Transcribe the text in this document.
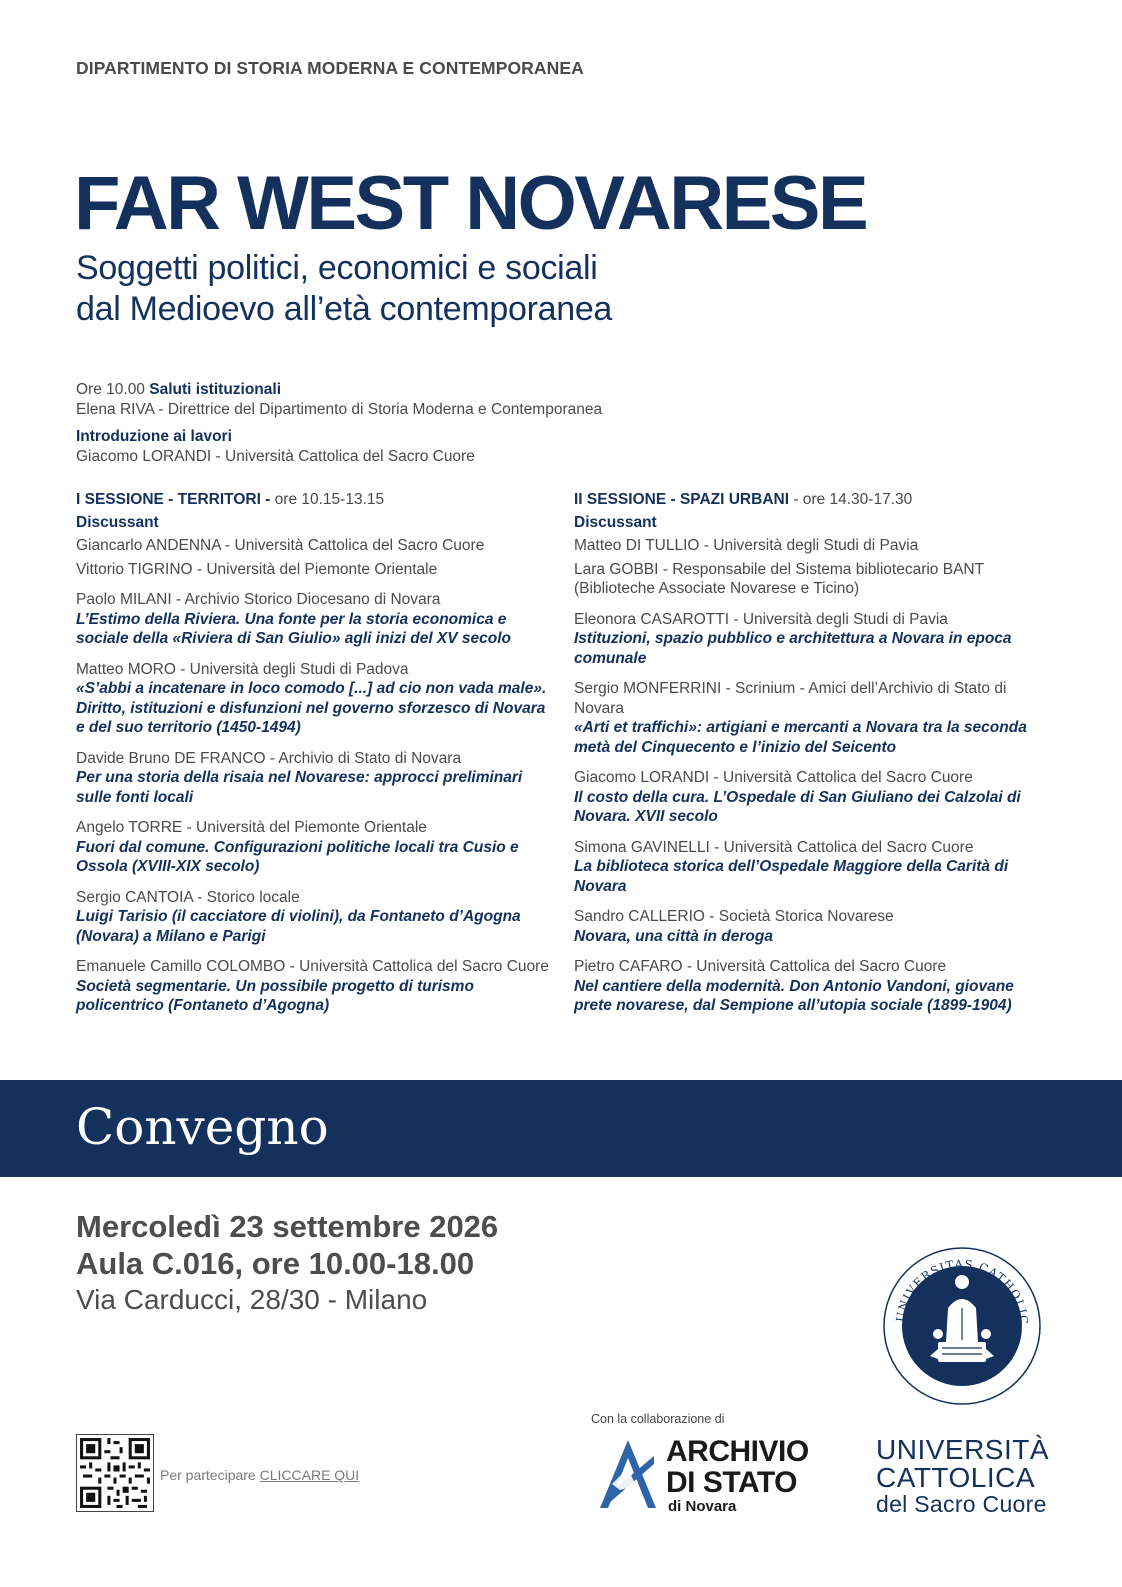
DIPARTIMENTO DI STORIA MODERNA E CONTEMPORANEA
FAR WEST NOVARESE
Soggetti politici, economici e sociali
dal Medioevo all’età contemporanea
Ore 10.00 Saluti istituzionali
Elena RIVA - Direttrice del Dipartimento di Storia Moderna e Contemporanea
Introduzione ai lavori
Giacomo LORANDI - Università Cattolica del Sacro Cuore
I SESSIONE - TERRITORI - ore 10.15-13.15
Discussant
Giancarlo ANDENNA - Università Cattolica del Sacro Cuore
Vittorio TIGRINO - Università del Piemonte Orientale
Paolo MILANI - Archivio Storico Diocesano di Novara
L’Estimo della Riviera. Una fonte per la storia economica e sociale della «Riviera di San Giulio» agli inizi del XV secolo
Matteo MORO - Università degli Studi di Padova
«S’abbi a incatenare in loco comodo [...] ad cio non vada male». Diritto, istituzioni e disfunzioni nel governo sforzesco di Novara e del suo territorio (1450-1494)
Davide Bruno DE FRANCO - Archivio di Stato di Novara
Per una storia della risaia nel Novarese: approcci preliminari sulle fonti locali
Angelo TORRE - Università del Piemonte Orientale
Fuori dal comune. Configurazioni politiche locali tra Cusio e Ossola (XVIII-XIX secolo)
Sergio CANTOIA - Storico locale
Luigi Tarisio (il cacciatore di violini), da Fontaneto d’Agogna (Novara) a Milano e Parigi
Emanuele Camillo COLOMBO - Università Cattolica del Sacro Cuore
Società segmentarie. Un possibile progetto di turismo policentrico (Fontaneto d’Agogna)
II SESSIONE - SPAZI URBANI - ore 14.30-17.30
Discussant
Matteo DI TULLIO - Università degli Studi di Pavia
Lara GOBBI - Responsabile del Sistema bibliotecario BANT (Biblioteche Associate Novarese e Ticino)
Eleonora CASAROTTI - Università degli Studi di Pavia
Istituzioni, spazio pubblico e architettura a Novara in epoca comunale
Sergio MONFERRINI - Scrinium - Amici dell’Archivio di Stato di Novara
«Arti et traffichi»: artigiani e mercanti a Novara tra la seconda metà del Cinquecento e l’inizio del Seicento
Giacomo LORANDI - Università Cattolica del Sacro Cuore
Il costo della cura. L’Ospedale di San Giuliano dei Calzolai di Novara. XVII secolo
Simona GAVINELLI - Università Cattolica del Sacro Cuore
La biblioteca storica dell’Ospedale Maggiore della Carità di Novara
Sandro CALLERIO - Società Storica Novarese
Novara, una città in deroga
Pietro CAFARO - Università Cattolica del Sacro Cuore
Nel cantiere della modernità. Don Antonio Vandoni, giovane prete novarese, dal Sempione all’utopia sociale (1899-1904)
Convegno
Mercoledì 23 settembre 2026
Aula C.016, ore 10.00-18.00
Via Carducci, 28/30 - Milano
Per partecipare CLICCARE QUI
Con la collaborazione di
ARCHIVIO
DI STATO
di Novara
UNIVERSITAS CATHOLIC
MEDIOLANI
UNIVERSITÀ
CATTOLICA
del Sacro Cuore
